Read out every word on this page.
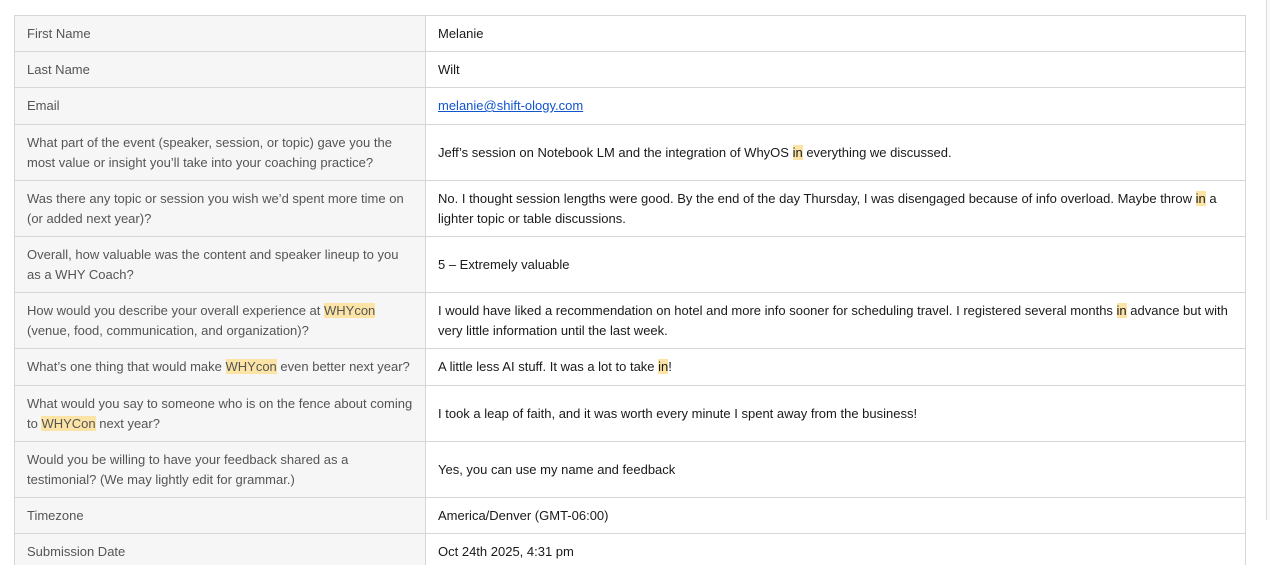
First Name	Melanie
Last Name	Wilt
Email	melanie@shift-ology.com
What part of the event (speaker, session, or topic) gave you the most value or insight you’ll take into your coaching practice?	Jeff’s session on Notebook LM and the integration of WhyOS in everything we discussed.
Was there any topic or session you wish we’d spent more time on (or added next year)?	No. I thought session lengths were good. By the end of the day Thursday, I was disengaged because of info overload. Maybe throw in a lighter topic or table discussions.
Overall, how valuable was the content and speaker lineup to you as a WHY Coach?	5 – Extremely valuable
How would you describe your overall experience at WHYcon (venue, food, communication, and organization)?	I would have liked a recommendation on hotel and more info sooner for scheduling travel. I registered several months in advance but with very little information until the last week.
What’s one thing that would make WHYcon even better next year?	A little less AI stuff. It was a lot to take in!
What would you say to someone who is on the fence about coming to WHYCon next year?	I took a leap of faith, and it was worth every minute I spent away from the business!
Would you be willing to have your feedback shared as a testimonial? (We may lightly edit for grammar.)	Yes, you can use my name and feedback
Timezone	America/Denver (GMT-06:00)
Submission Date	Oct 24th 2025, 4:31 pm
